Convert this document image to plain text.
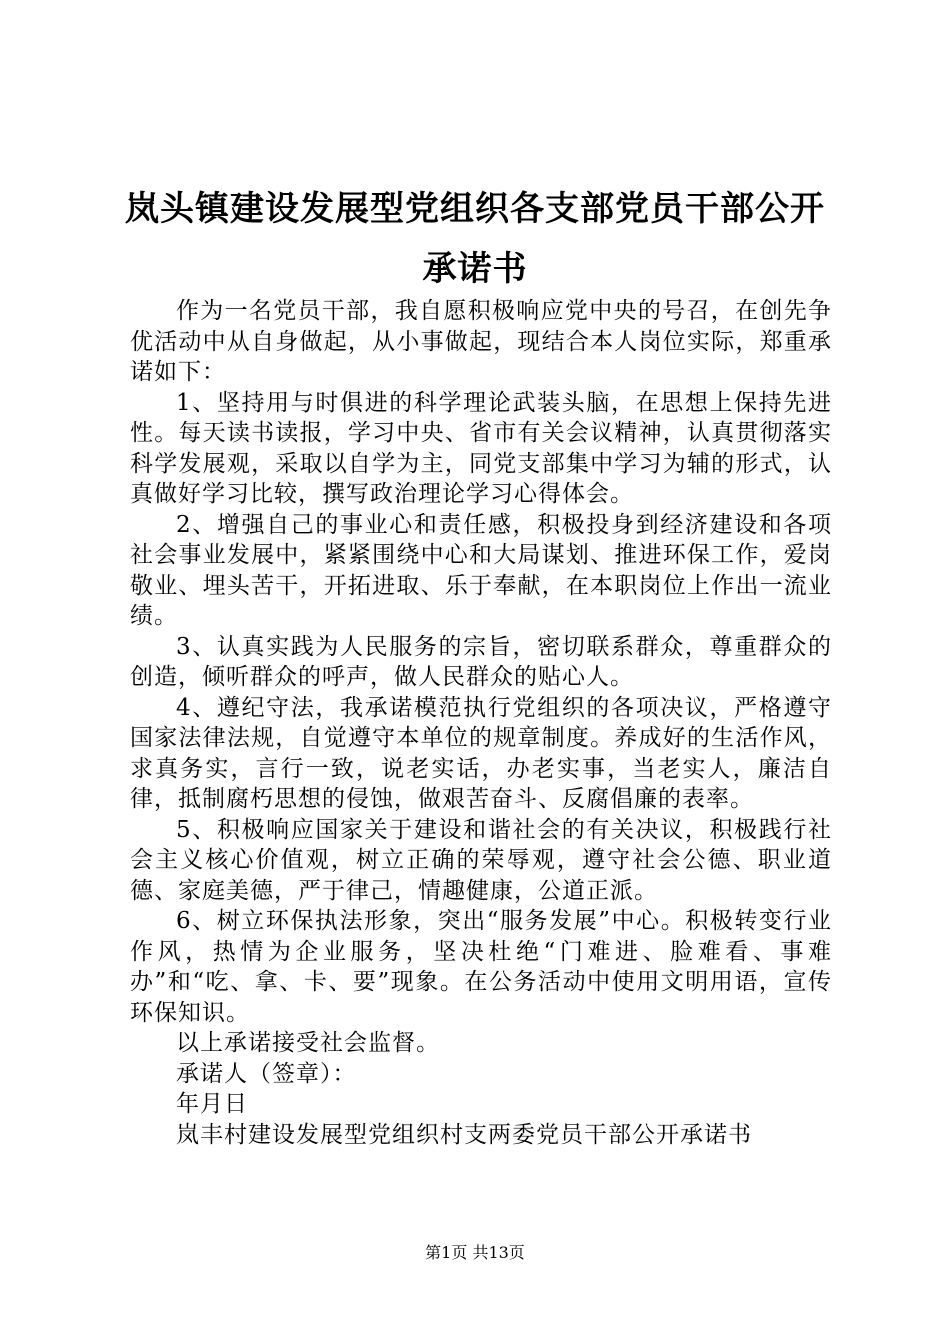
岚头镇建设发展型党组织各支部党员干部公开
承诺书

作为一名党员干部，我自愿积极响应党中央的号召，在创先争优活动中从自身做起，从小事做起，现结合本人岗位实际，郑重承诺如下：

1、坚持用与时俱进的科学理论武装头脑，在思想上保持先进性。每天读书读报，学习中央、省市有关会议精神，认真贯彻落实科学发展观，采取以自学为主，同党支部集中学习为辅的形式，认真做好学习比较，撰写政治理论学习心得体会。

2、增强自己的事业心和责任感，积极投身到经济建设和各项社会事业发展中，紧紧围绕中心和大局谋划、推进环保工作，爱岗敬业、埋头苦干，开拓进取、乐于奉献，在本职岗位上作出一流业绩。

3、认真实践为人民服务的宗旨，密切联系群众，尊重群众的创造，倾听群众的呼声，做人民群众的贴心人。

4、遵纪守法，我承诺模范执行党组织的各项决议，严格遵守国家法律法规，自觉遵守本单位的规章制度。养成好的生活作风，求真务实，言行一致，说老实话，办老实事，当老实人，廉洁自律，抵制腐朽思想的侵蚀，做艰苦奋斗、反腐倡廉的表率。

5、积极响应国家关于建设和谐社会的有关决议，积极践行社会主义核心价值观，树立正确的荣辱观，遵守社会公德、职业道德、家庭美德，严于律己，情趣健康，公道正派。

6、树立环保执法形象，突出“服务发展”中心。积极转变行业作风，热情为企业服务，坚决杜绝“门难进、脸难看、事难办”和“吃、拿、卡、要”现象。在公务活动中使用文明用语，宣传环保知识。

以上承诺接受社会监督。

承诺人（签章）：

年月日

岚丰村建设发展型党组织村支两委党员干部公开承诺书

第1页 共13页
